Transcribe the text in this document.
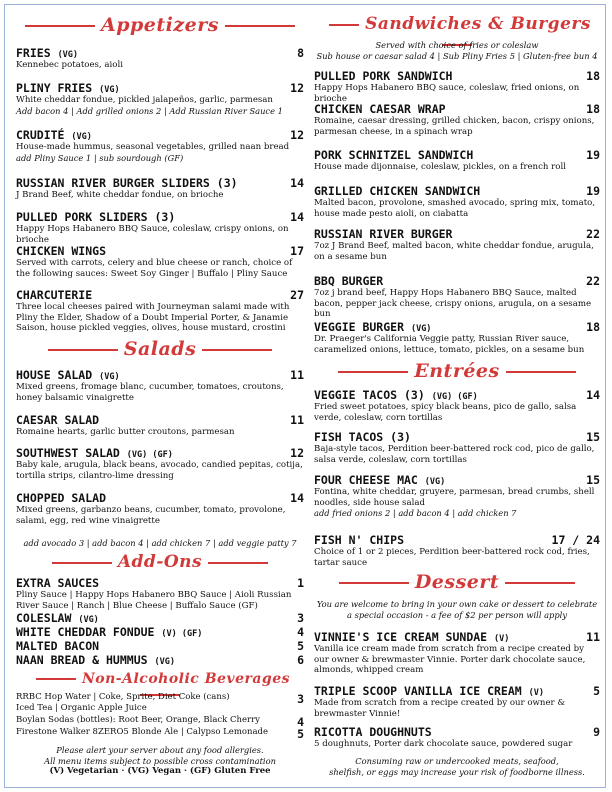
Appetizers
FRIES (VG)	8
Kennebec potatoes, aioli
PLINY FRIES (VG)	12
White cheddar fondue, pickled jalapeños, garlic, parmesan
Add bacon 4 | Add grilled onions 2 | Add Russian River Sauce 1
CRUDITÉ (VG)	12
House-made hummus, seasonal vegetables, grilled naan bread
add Pliny Sauce 1 | sub sourdough (GF)
RUSSIAN RIVER BURGER SLIDERS (3)	14
J Brand Beef, white cheddar fondue, on brioche
PULLED PORK SLIDERS (3)	14
Happy Hops Habanero BBQ Sauce, coleslaw, crispy onions, on brioche
CHICKEN WINGS	17
Served with carrots, celery and blue cheese or ranch, choice of the following sauces: Sweet Soy Ginger | Buffalo | Pliny Sauce
CHARCUTERIE	27
Three local cheeses paired with Journeyman salami made with Pliny the Elder, Shadow of a Doubt Imperial Porter, & Janamie Saison, house pickled veggies, olives, house mustard, crostini
Salads
HOUSE SALAD (VG)	11
Mixed greens, fromage blanc, cucumber, tomatoes, croutons, honey balsamic vinaigrette
CAESAR SALAD	11
Romaine hearts, garlic butter croutons, parmesan
SOUTHWEST SALAD (VG) (GF)	12
Baby kale, arugula, black beans, avocado, candied pepitas, cotija, tortilla strips, cilantro-lime dressing
CHOPPED SALAD	14
Mixed greens, garbanzo beans, cucumber, tomato, provolone, salami, egg, red wine vinaigrette
add avocado 3 | add bacon 4 | add chicken 7 | add veggie patty 7
Add-Ons
EXTRA SAUCES	1
Pliny Sauce | Happy Hops Habanero BBQ Sauce | Aioli Russian River Sauce | Ranch | Blue Cheese | Buffalo Sauce (GF)
COLESLAW (VG)	3
WHITE CHEDDAR FONDUE (V) (GF)	4
MALTED BACON	5
NAAN BREAD & HUMMUS (VG)	6
Non-Alcoholic Beverages
RRBC Hop Water | Coke, Sprite, Diet Coke (cans)	3
Iced Tea | Organic Apple Juice
Boylan Sodas (bottles): Root Beer, Orange, Black Cherry	4
Firestone Walker 8ZERO5 Blonde Ale | Calypso Lemonade	5
Please alert your server about any food allergies.
All menu items subject to possible cross contamination
(V) Vegetarian · (VG) Vegan · (GF) Gluten Free
Sandwiches & Burgers
Served with choice of fries or coleslaw
Sub house or caesar salad 4 | Sub Pliny Fries 5 | Gluten-free bun 4
PULLED PORK SANDWICH	18
Happy Hops Habanero BBQ sauce, coleslaw, fried onions, on brioche
CHICKEN CAESAR WRAP	18
Romaine, caesar dressing, grilled chicken, bacon, crispy onions, parmesan cheese, in a spinach wrap
PORK SCHNITZEL SANDWICH	19
House made dijonnaise, coleslaw, pickles, on a french roll
GRILLED CHICKEN SANDWICH	19
Malted bacon, provolone, smashed avocado, spring mix, tomato, house made pesto aioli, on ciabatta
RUSSIAN RIVER BURGER	22
7oz J Brand Beef, malted bacon, white cheddar fondue, arugula, on a sesame bun
BBQ BURGER	22
7oz j brand beef, Happy Hops Habanero BBQ Sauce, malted bacon, pepper jack cheese, crispy onions, arugula, on a sesame bun
VEGGIE BURGER (VG)	18
Dr. Praeger's California Veggie patty, Russian River sauce, caramelized onions, lettuce, tomato, pickles, on a sesame bun
Entrées
VEGGIE TACOS (3) (VG) (GF)	14
Fried sweet potatoes, spicy black beans, pico de gallo, salsa verde, coleslaw, corn tortillas
FISH TACOS (3)	15
Baja-style tacos, Perdition beer-battered rock cod, pico de gallo, salsa verde, coleslaw, corn tortillas
FOUR CHEESE MAC (VG)	15
Fontina, white cheddar, gruyere, parmesan, bread crumbs, shell noodles, side house salad
add fried onions 2 | add bacon 4 | add chicken 7
FISH N' CHIPS	17 / 24
Choice of 1 or 2 pieces, Perdition beer-battered rock cod, fries, tartar sauce
Dessert
You are welcome to bring in your own cake or dessert to celebrate a special occasion - a fee of $2 per person will apply
VINNIE'S ICE CREAM SUNDAE (V)	11
Vanilla ice cream made from scratch from a recipe created by our owner & brewmaster Vinnie. Porter dark chocolate sauce, almonds, whipped cream
TRIPLE SCOOP VANILLA ICE CREAM (V)	5
Made from scratch from a recipe created by our owner & brewmaster Vinnie!
RICOTTA DOUGHNUTS	9
5 doughnuts, Porter dark chocolate sauce, powdered sugar
Consuming raw or undercooked meats, seafood,
shelfish, or eggs may increase your risk of foodborne illness.
